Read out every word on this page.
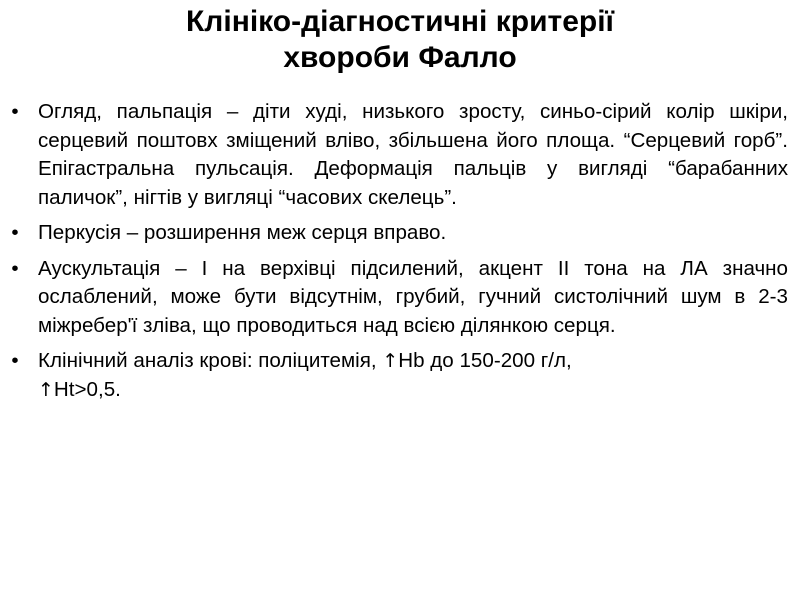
Клініко-діагностичні критерії
хвороби Фалло
• Огляд, пальпація – діти худі, низького зросту, синьо-сірий колір шкіри, серцевий поштовх зміщений вліво, збільшена його площа. “Серцевий горб”. Епігастральна пульсація. Деформація пальців у вигляді “барабанних паличок”, нігтів у вигляці “часових скелець”.
• Перкусія – розширення меж серця вправо.
• Аускультація – І на верхівці підсилений, акцент ІІ тона на ЛА значно ослаблений, може бути відсутнім, грубий, гучний систолічний шум в 2-3 міжребер'ї зліва, що проводиться над всією ділянкою серця.
• Клінічний аналіз крові: поліцитемія, ↑Hb до 150-200 г/л,
↑Ht>0,5.
